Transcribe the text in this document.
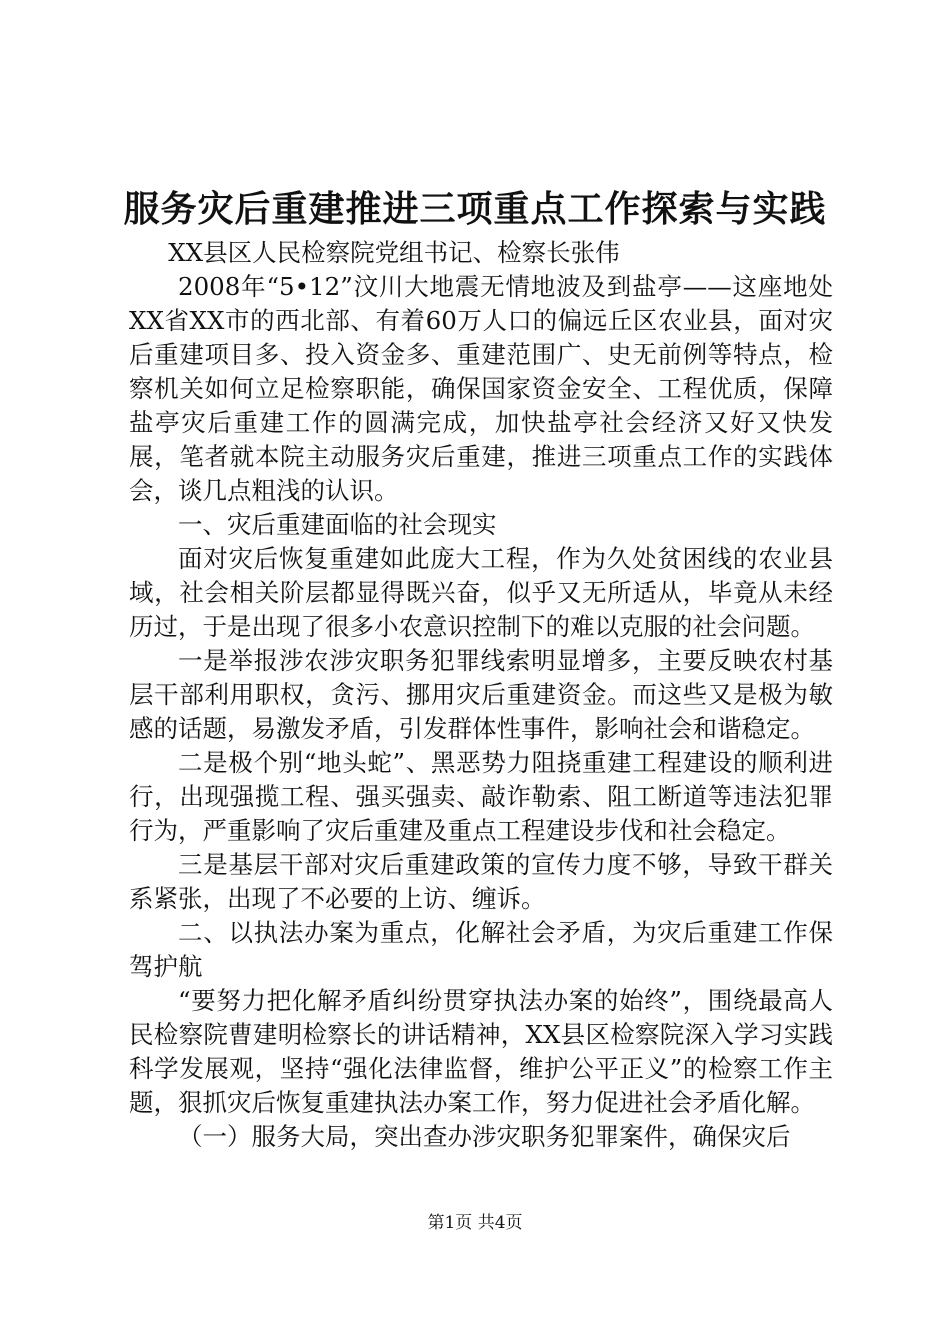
服务灾后重建推进三项重点工作探索与实践

XX县区人民检察院党组书记、检察长张伟

2008年“5•12”汶川大地震无情地波及到盐亭——这座地处XX省XX市的西北部、有着60万人口的偏远丘区农业县，面对灾后重建项目多、投入资金多、重建范围广、史无前例等特点，检察机关如何立足检察职能，确保国家资金安全、工程优质，保障盐亭灾后重建工作的圆满完成，加快盐亭社会经济又好又快发展，笔者就本院主动服务灾后重建，推进三项重点工作的实践体会，谈几点粗浅的认识。

一、灾后重建面临的社会现实

面对灾后恢复重建如此庞大工程，作为久处贫困线的农业县域，社会相关阶层都显得既兴奋，似乎又无所适从，毕竟从未经历过，于是出现了很多小农意识控制下的难以克服的社会问题。

一是举报涉农涉灾职务犯罪线索明显增多，主要反映农村基层干部利用职权，贪污、挪用灾后重建资金。而这些又是极为敏感的话题，易激发矛盾，引发群体性事件，影响社会和谐稳定。

二是极个别“地头蛇”、黑恶势力阻挠重建工程建设的顺利进行，出现强揽工程、强买强卖、敲诈勒索、阻工断道等违法犯罪行为，严重影响了灾后重建及重点工程建设步伐和社会稳定。

三是基层干部对灾后重建政策的宣传力度不够，导致干群关系紧张，出现了不必要的上访、缠诉。

二、以执法办案为重点，化解社会矛盾，为灾后重建工作保驾护航

“要努力把化解矛盾纠纷贯穿执法办案的始终”，围绕最高人民检察院曹建明检察长的讲话精神，XX县区检察院深入学习实践科学发展观，坚持“强化法律监督，维护公平正义”的检察工作主题，狠抓灾后恢复重建执法办案工作，努力促进社会矛盾化解。

（一）服务大局，突出查办涉灾职务犯罪案件，确保灾后

第1页 共4页
